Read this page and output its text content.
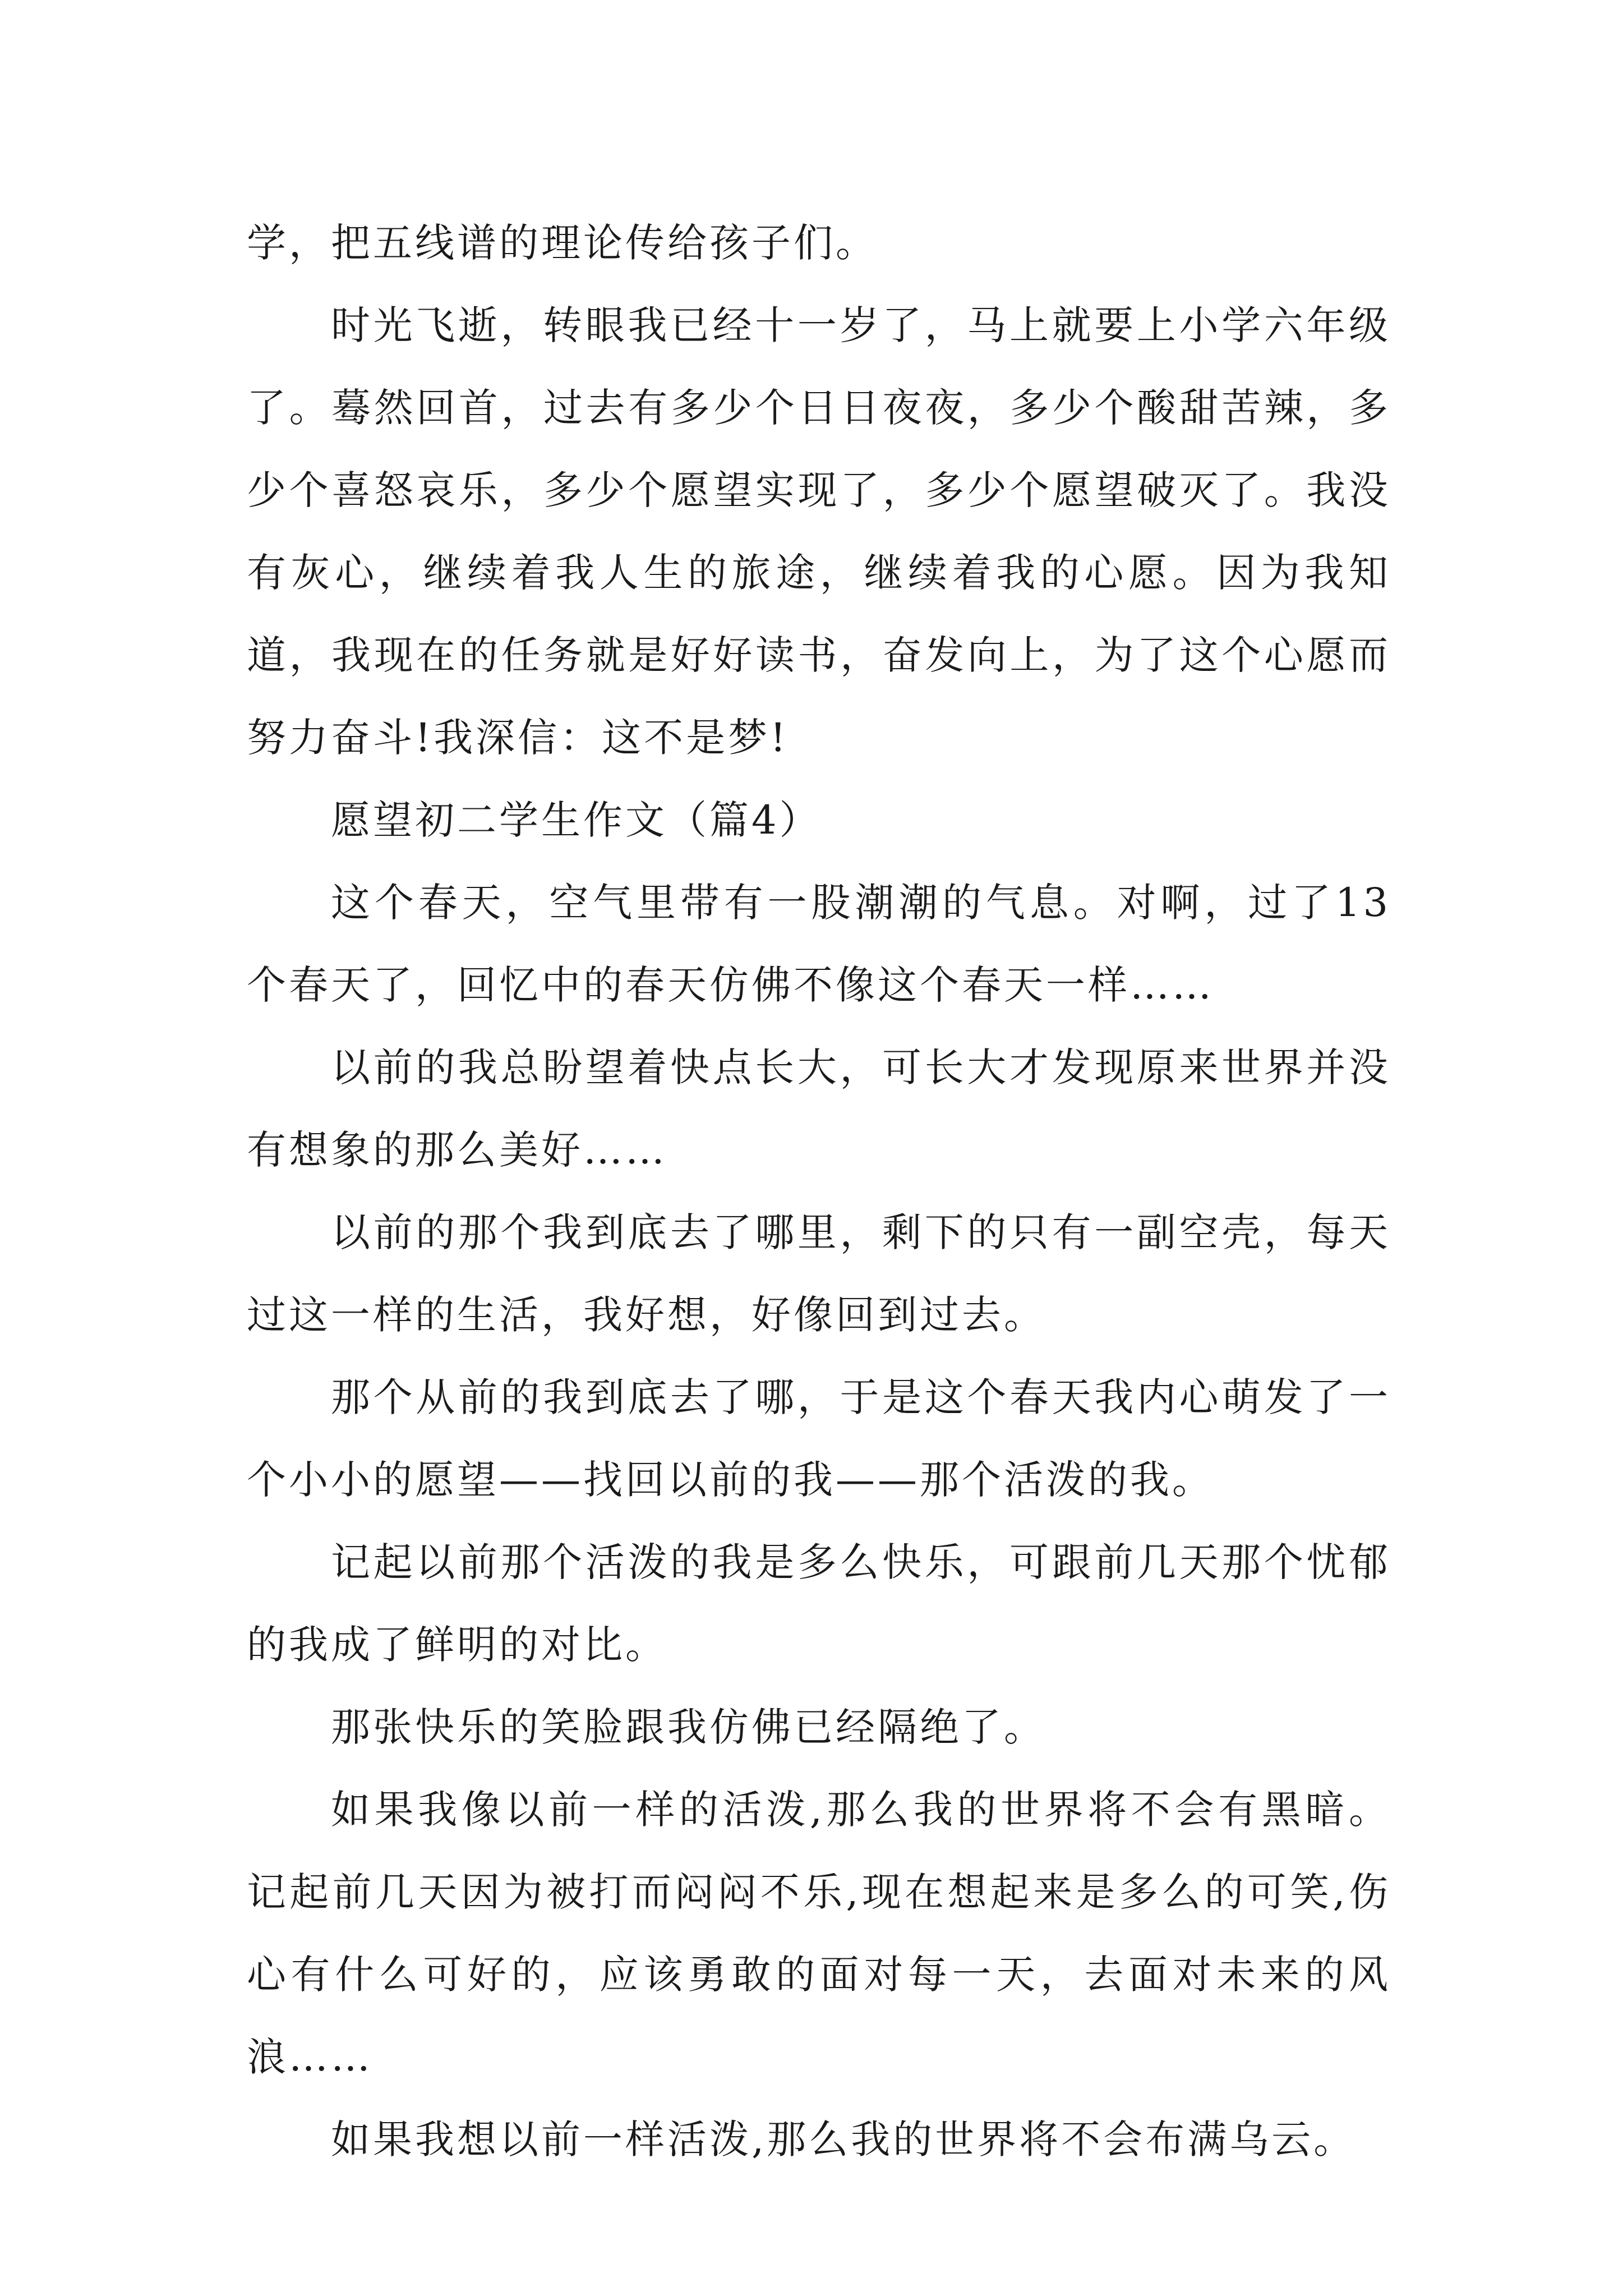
学，把五线谱的理论传给孩子们。

时光飞逝，转眼我已经十一岁了，马上就要上小学六年级了。蓦然回首，过去有多少个日日夜夜，多少个酸甜苦辣，多少个喜怒哀乐，多少个愿望实现了，多少个愿望破灭了。我没有灰心，继续着我人生的旅途，继续着我的心愿。因为我知道，我现在的任务就是好好读书，奋发向上，为了这个心愿而努力奋斗!我深信：这不是梦!

愿望初二学生作文（篇4）

这个春天，空气里带有一股潮潮的气息。对啊，过了13个春天了，回忆中的春天仿佛不像这个春天一样……

以前的我总盼望着快点长大，可长大才发现原来世界并没有想象的那么美好……

以前的那个我到底去了哪里，剩下的只有一副空壳，每天过这一样的生活，我好想，好像回到过去。

那个从前的我到底去了哪，于是这个春天我内心萌发了一个小小的愿望——找回以前的我——那个活泼的我。

记起以前那个活泼的我是多么快乐，可跟前几天那个忧郁的我成了鲜明的对比。

那张快乐的笑脸跟我仿佛已经隔绝了。

如果我像以前一样的活泼,那么我的世界将不会有黑暗。记起前几天因为被打而闷闷不乐,现在想起来是多么的可笑,伤心有什么可好的，应该勇敢的面对每一天，去面对未来的风浪……

如果我想以前一样活泼,那么我的世界将不会布满乌云。
